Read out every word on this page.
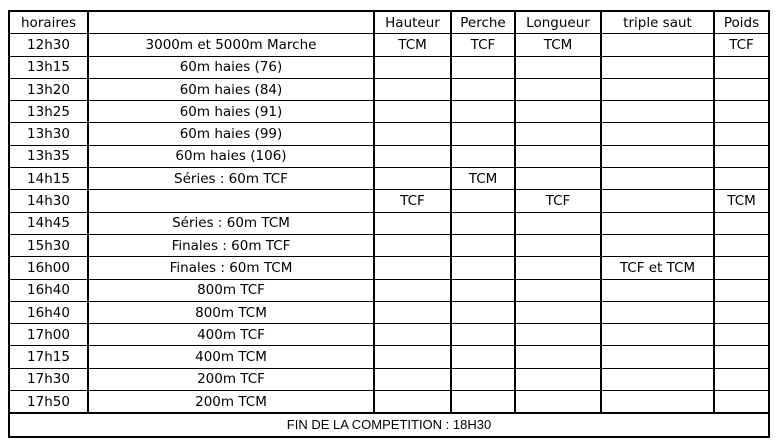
horaires		Hauteur	Perche	Longueur	triple saut	Poids
12h30	3000m et 5000m Marche	TCM	TCF	TCM		TCF
13h15	60m haies (76)					
13h20	60m haies (84)					
13h25	60m haies (91)					
13h30	60m haies (99)					
13h35	60m haies (106)					
14h15	Séries : 60m TCF		TCM			
14h30		TCF		TCF		TCM
14h45	Séries : 60m TCM					
15h30	Finales : 60m TCF					
16h00	Finales : 60m TCM				TCF et TCM	
16h40	800m TCF					
16h40	800m TCM					
17h00	400m TCF					
17h15	400m TCM					
17h30	200m TCF					
17h50	200m TCM					
FIN DE LA COMPETITION : 18H30						
